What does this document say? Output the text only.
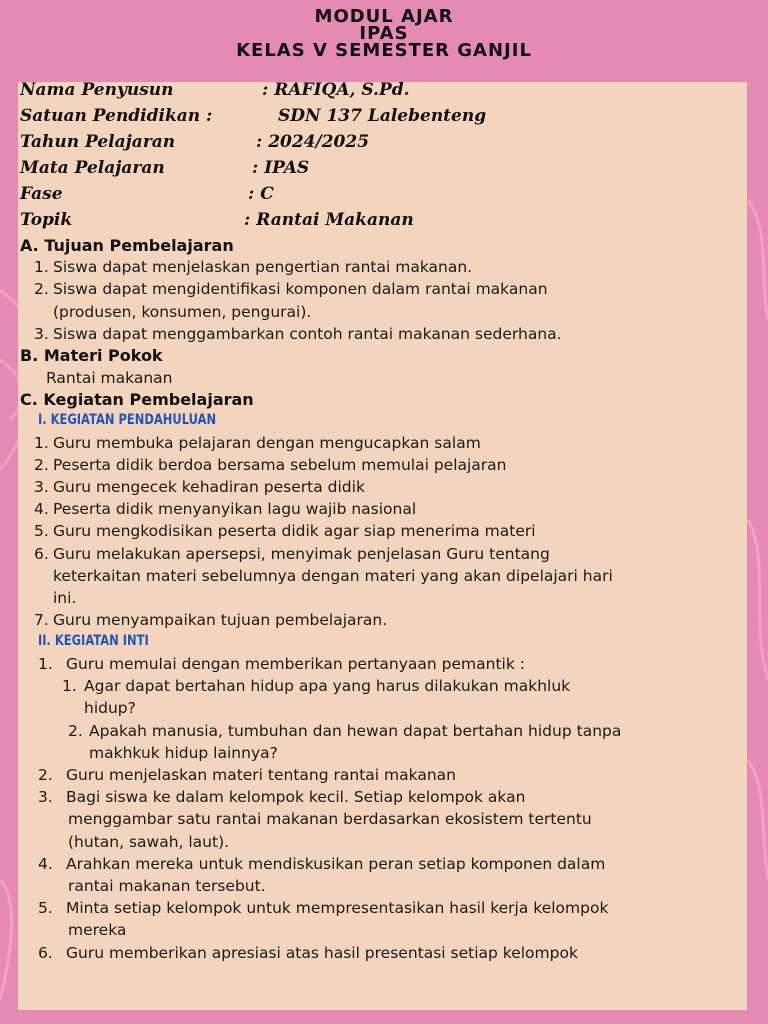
MODUL AJAR
IPAS
KELAS V SEMESTER GANJIL
Nama Penyusun	: RAFIQA, S.Pd.
Satuan Pendidikan :	SDN 137 Lalebenteng
Tahun Pelajaran	: 2024/2025
Mata Pelajaran	: IPAS
Fase	: C
Topik	: Rantai Makanan
A. Tujuan Pembelajaran
1. Siswa dapat menjelaskan pengertian rantai makanan.
2. Siswa dapat mengidentifikasi komponen dalam rantai makanan
(produsen, konsumen, pengurai).
3. Siswa dapat menggambarkan contoh rantai makanan sederhana.
B. Materi Pokok
Rantai makanan
C. Kegiatan Pembelajaran
I. KEGIATAN PENDAHULUAN
1. Guru membuka pelajaran dengan mengucapkan salam
2. Peserta didik berdoa bersama sebelum memulai pelajaran
3. Guru mengecek kehadiran peserta didik
4. Peserta didik menyanyikan lagu wajib nasional
5. Guru mengkodisikan peserta didik agar siap menerima materi
6. Guru melakukan apersepsi, menyimak penjelasan Guru tentang
keterkaitan materi sebelumnya dengan materi yang akan dipelajari hari
ini.
7. Guru menyampaikan tujuan pembelajaran.
II. KEGIATAN INTI
1. Guru memulai dengan memberikan pertanyaan pemantik :
1. Agar dapat bertahan hidup apa yang harus dilakukan makhluk
hidup?
2. Apakah manusia, tumbuhan dan hewan dapat bertahan hidup tanpa
makhkuk hidup lainnya?
2. Guru menjelaskan materi tentang rantai makanan
3. Bagi siswa ke dalam kelompok kecil. Setiap kelompok akan
menggambar satu rantai makanan berdasarkan ekosistem tertentu
(hutan, sawah, laut).
4. Arahkan mereka untuk mendiskusikan peran setiap komponen dalam
rantai makanan tersebut.
5. Minta setiap kelompok untuk mempresentasikan hasil kerja kelompok
mereka
6. Guru memberikan apresiasi atas hasil presentasi setiap kelompok
